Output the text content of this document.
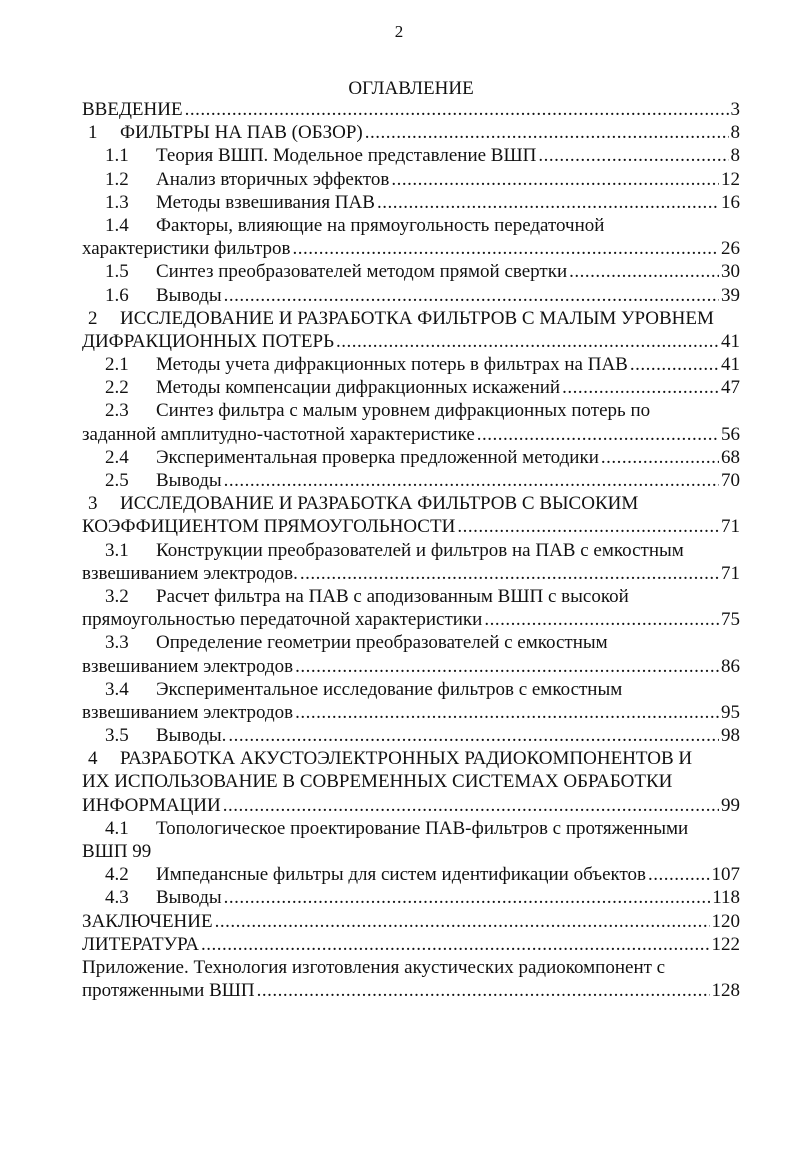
2
ОГЛАВЛЕНИЕ
ВВЕДЕНИЕ .....	3
1	ФИЛЬТРЫ НА ПАВ (ОБЗОР) .....	8
1.1	Теория ВШП. Модельное представление ВШП .....	8
1.2	Анализ вторичных эффектов .....	12
1.3	Методы взвешивания ПАВ .....	16
1.4	Факторы, влияющие на прямоугольность передаточной
характеристики фильтров .....	26
1.5	Синтез преобразователей методом прямой свертки .....	30
1.6	Выводы .....	39
2	ИССЛЕДОВАНИЕ И РАЗРАБОТКА ФИЛЬТРОВ С МАЛЫМ УРОВНЕМ
ДИФРАКЦИОННЫХ ПОТЕРЬ .....	41
2.1	Методы учета дифракционных потерь в фильтрах на ПАВ .....	41
2.2	Методы компенсации дифракционных искажений .....	47
2.3	Синтез фильтра с малым уровнем дифракционных потерь по
заданной амплитудно-частотной характеристике .....	56
2.4	Экспериментальная проверка предложенной методики .....	68
2.5	Выводы .....	70
3	ИССЛЕДОВАНИЕ И РАЗРАБОТКА ФИЛЬТРОВ С ВЫСОКИМ
КОЭФФИЦИЕНТОМ ПРЯМОУГОЛЬНОСТИ .....	71
3.1	Конструкции преобразователей и фильтров на ПАВ с емкостным
взвешиванием электродов. .....	71
3.2	Расчет фильтра на ПАВ с аподизованным ВШП с высокой
прямоугольностью передаточной характеристики .....	75
3.3	Определение геометрии преобразователей с емкостным
взвешиванием электродов .....	86
3.4	Экспериментальное исследование фильтров с емкостным
взвешиванием электродов .....	95
3.5	Выводы. .....	98
4	РАЗРАБОТКА АКУСТОЭЛЕКТРОННЫХ РАДИОКОМПОНЕНТОВ И
ИХ ИСПОЛЬЗОВАНИЕ В СОВРЕМЕННЫХ СИСТЕМАХ ОБРАБОТКИ
ИНФОРМАЦИИ .....	99
4.1	Топологическое проектирование ПАВ-фильтров с протяженными
ВШП 99
4.2	Импедансные фильтры для систем идентификации объектов .....	107
4.3	Выводы .....	118
ЗАКЛЮЧЕНИЕ .....	120
ЛИТЕРАТУРА .....	122
Приложение. Технология изготовления акустических радиокомпонент с
протяженными ВШП .....	128
